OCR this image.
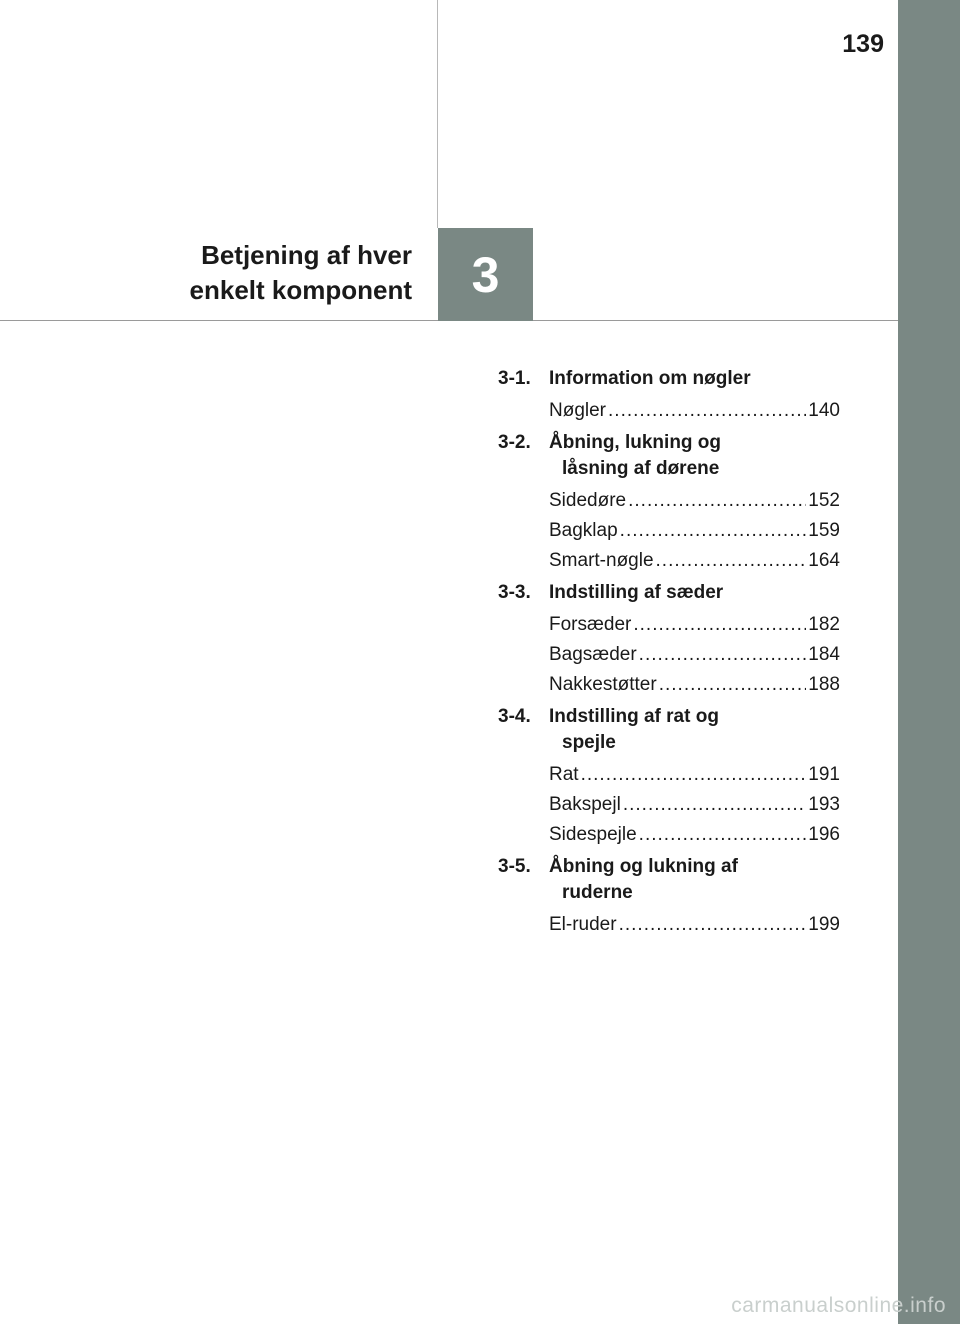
139
Betjening af hver
enkelt komponent 3
3-1. Information om nøgler
Nøgler .....	140
3-2. Åbning, lukning og
låsning af dørene
Sidedøre .....	152
Bagklap .....	159
Smart-nøgle .....	164
3-3. Indstilling af sæder
Forsæder .....	182
Bagsæder .....	184
Nakkestøtter .....	188
3-4. Indstilling af rat og
spejle
Rat .....	191
Bakspejl .....	193
Sidespejle .....	196
3-5. Åbning og lukning af
ruderne
El-ruder .....	199
carmanualsonline.info
